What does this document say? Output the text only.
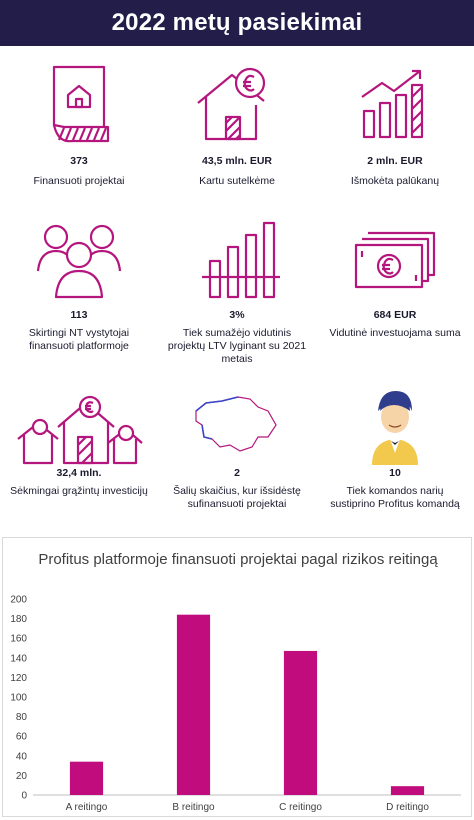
2022 metų pasiekimai
373
Finansuoti projektai
43,5 mln. EUR
Kartu sutelkėme
2 mln. EUR
Išmokėta palūkanų
113
Skirtingi NT vystytojai finansuoti platformoje
3%
Tiek sumažėjo vidutinis projektų LTV lyginant su 2021 metais
684 EUR
Vidutinė investuojama suma
32,4 mln.
Sėkmingai grąžintų investicijų
2
Šalių skaičius, kur išsidėstę sufinansuoti projektai
10
Tiek komandos narių sustiprino Profitus komandą
Profitus platformoje finansuoti projektai pagal rizikos reitingą
0
20
40
60
80
100
120
140
160
180
200
A reitingo	B reitingo	C reitingo	D reitingo
